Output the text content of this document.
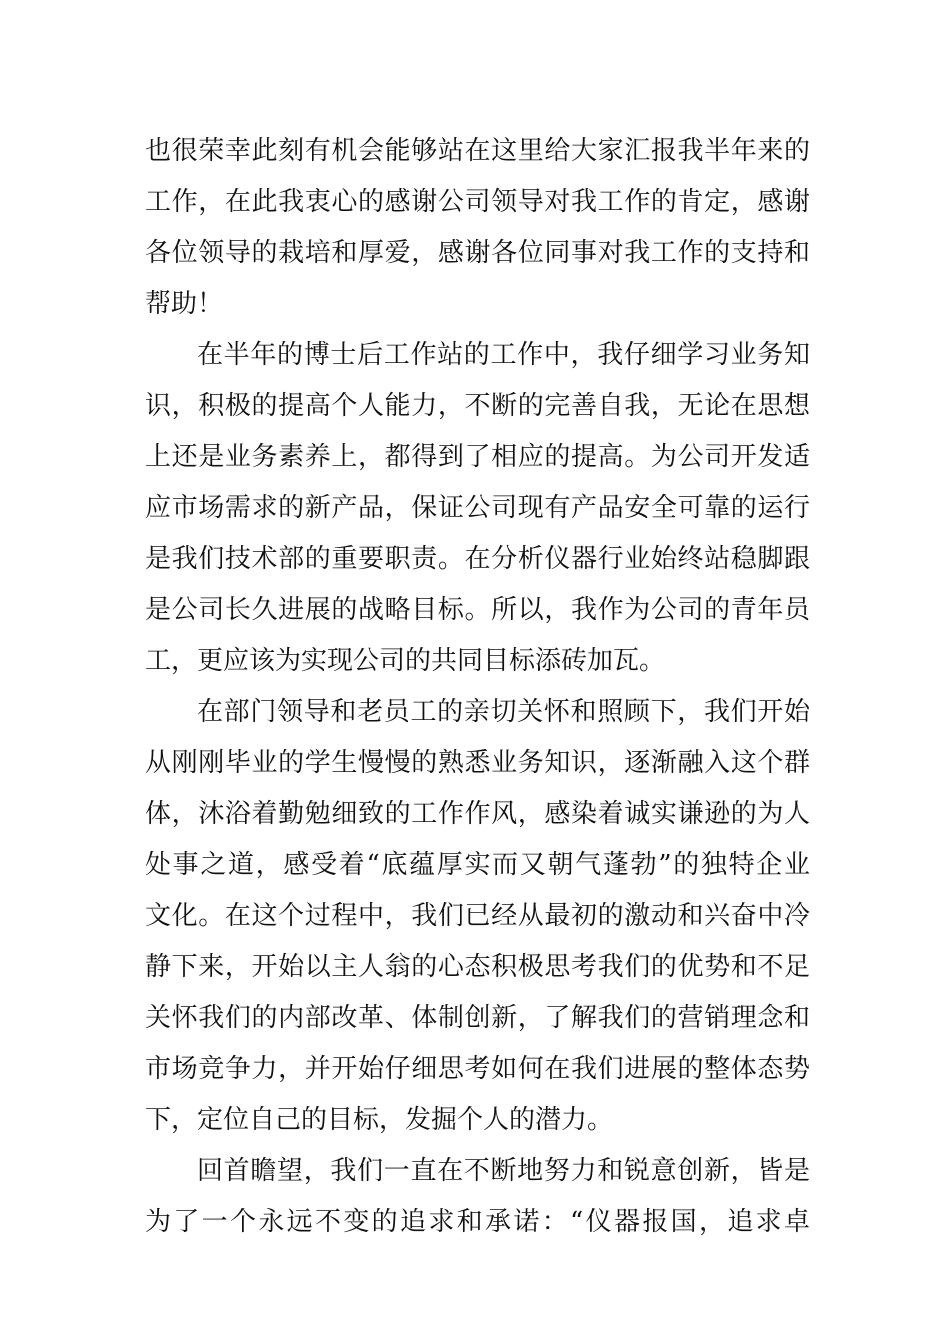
也很荣幸此刻有机会能够站在这里给大家汇报我半年来的
工作，在此我衷心的感谢公司领导对我工作的肯定，感谢
各位领导的栽培和厚爱，感谢各位同事对我工作的支持和
帮助！
在半年的博士后工作站的工作中，我仔细学习业务知
识，积极的提高个人能力，不断的完善自我，无论在思想
上还是业务素养上，都得到了相应的提高。为公司开发适
应市场需求的新产品，保证公司现有产品安全可靠的运行
是我们技术部的重要职责。在分析仪器行业始终站稳脚跟
是公司长久进展的战略目标。所以，我作为公司的青年员
工，更应该为实现公司的共同目标添砖加瓦。
在部门领导和老员工的亲切关怀和照顾下，我们开始
从刚刚毕业的学生慢慢的熟悉业务知识，逐渐融入这个群
体，沐浴着勤勉细致的工作作风，感染着诚实谦逊的为人
处事之道，感受着“底蕴厚实而又朝气蓬勃”的独特企业
文化。在这个过程中，我们已经从最初的激动和兴奋中冷
静下来，开始以主人翁的心态积极思考我们的优势和不足
关怀我们的内部改革、体制创新，了解我们的营销理念和
市场竞争力，并开始仔细思考如何在我们进展的整体态势
下，定位自己的目标，发掘个人的潜力。
回首瞻望，我们一直在不断地努力和锐意创新，皆是
为了一个永远不变的追求和承诺：“仪器报国，追求卓
